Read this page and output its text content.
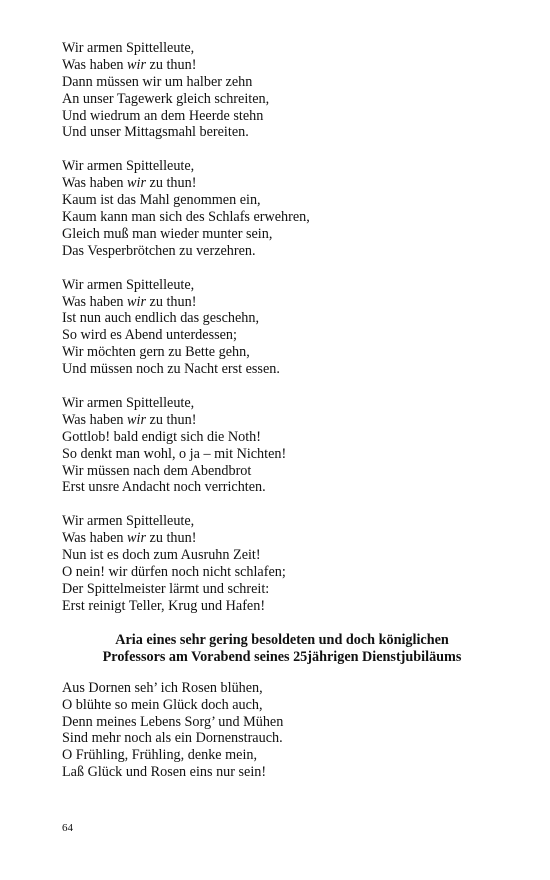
Wir armen Spittelleute,
Was haben wir zu thun!
Dann müssen wir um halber zehn
An unser Tagewerk gleich schreiten,
Und wiedrum an dem Heerde stehn
Und unser Mittagsmahl bereiten.
Wir armen Spittelleute,
Was haben wir zu thun!
Kaum ist das Mahl genommen ein,
Kaum kann man sich des Schlafs erwehren,
Gleich muß man wieder munter sein,
Das Vesperbrötchen zu verzehren.
Wir armen Spittelleute,
Was haben wir zu thun!
Ist nun auch endlich das geschehn,
So wird es Abend unterdessen;
Wir möchten gern zu Bette gehn,
Und müssen noch zu Nacht erst essen.
Wir armen Spittelleute,
Was haben wir zu thun!
Gottlob! bald endigt sich die Noth!
So denkt man wohl, o ja – mit Nichten!
Wir müssen nach dem Abendbrot
Erst unsre Andacht noch verrichten.
Wir armen Spittelleute,
Was haben wir zu thun!
Nun ist es doch zum Ausruhn Zeit!
O nein! wir dürfen noch nicht schlafen;
Der Spittelmeister lärmt und schreit:
Erst reinigt Teller, Krug und Hafen!
Aria eines sehr gering besoldeten und doch königlichen
Professors am Vorabend seines 25jährigen Dienstjubiläums
Aus Dornen seh’ ich Rosen blühen,
O blühte so mein Glück doch auch,
Denn meines Lebens Sorg’ und Mühen
Sind mehr noch als ein Dornenstrauch.
O Frühling, Frühling, denke mein,
Laß Glück und Rosen eins nur sein!
64
